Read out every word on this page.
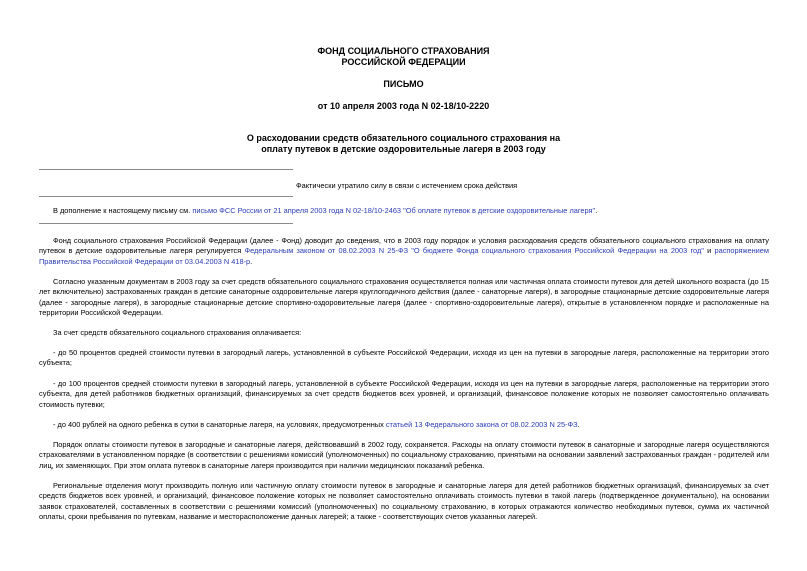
ФОНД СОЦИАЛЬНОГО СТРАХОВАНИЯ
РОССИЙСКОЙ ФЕДЕРАЦИИ
ПИСЬМО
от 10 апреля 2003 года N 02-18/10-2220
О расходовании средств обязательного социального страхования на
оплату путевок в детские оздоровительные лагеря в 2003 году
Фактически утратило силу в связи с истечением срока действия
В дополнение к настоящему письму см. письмо ФСС России от 21 апреля 2003 года N 02-18/10-2463 "Об оплате путевок в детские оздоровительные лагеря".
Фонд социального страхования Российской Федерации (далее - Фонд) доводит до сведения, что в 2003 году порядок и условия расходования средств обязательного социального страхования на оплату путевок в детские оздоровительные лагеря регулируется Федеральным законом от 08.02.2003 N 25-ФЗ "О бюджете Фонда социального страхования Российской Федерации на 2003 год" и распоряжением Правительства Российской Федерации от 03.04.2003 N 418-р.
Согласно указанным документам в 2003 году за счет средств обязательного социального страхования осуществляется полная или частичная оплата стоимости путевок для детей школьного возраста (до 15 лет включительно) застрахованных граждан в детские санаторные оздоровительные лагеря круглогодичного действия (далее - санаторные лагеря), в загородные стационарные детские оздоровительные лагеря (далее - загородные лагеря), в загородные стационарные детские спортивно-оздоровительные лагеря (далее - спортивно-оздоровительные лагеря), открытые в установленном порядке и расположенные на территории Российской Федерации.
За счет средств обязательного социального страхования оплачивается:
- до 50 процентов средней стоимости путевки в загородный лагерь, установленной в субъекте Российской Федерации, исходя из цен на путевки в загородные лагеря, расположенные на территории этого субъекта;
- до 100 процентов средней стоимости путевки в загородный лагерь, установленной в субъекте Российской Федерации, исходя из цен на путевки в загородные лагеря, расположенные на территории этого субъекта, для детей работников бюджетных организаций, финансируемых за счет средств бюджетов всех уровней, и организаций, финансовое положение которых не позволяет самостоятельно оплачивать стоимость путевки;
- до 400 рублей на одного ребенка в сутки в санаторные лагеря, на условиях, предусмотренных статьей 13 Федерального закона от 08.02.2003 N 25-ФЗ.
Порядок оплаты стоимости путевок в загородные и санаторные лагеря, действовавший в 2002 году, сохраняется. Расходы на оплату стоимости путевок в санаторные и загородные лагеря осуществляются страхователями в установленном порядке (в соответствии с решениями комиссий (уполномоченных) по социальному страхованию, принятыми на основании заявлений застрахованных граждан - родителей или лиц, их заменяющих. При этом оплата путевок в санаторные лагеря производится при наличии медицинских показаний ребенка.
Региональные отделения могут производить полную или частичную оплату стоимости путевок в загородные и санаторные лагеря для детей работников бюджетных организаций, финансируемых за счет средств бюджетов всех уровней, и организаций, финансовое положение которых не позволяет самостоятельно оплачивать стоимость путевки в такой лагерь (подтвержденное документально), на основании заявок страхователей, составленных в соответствии с решениями комиссий (уполномоченных) по социальному страхованию, в которых отражаются количество необходимых путевок, сумма их частичной оплаты, сроки пребывания по путевкам, название и месторасположение данных лагерей; а также - соответствующих счетов указанных лагерей.
